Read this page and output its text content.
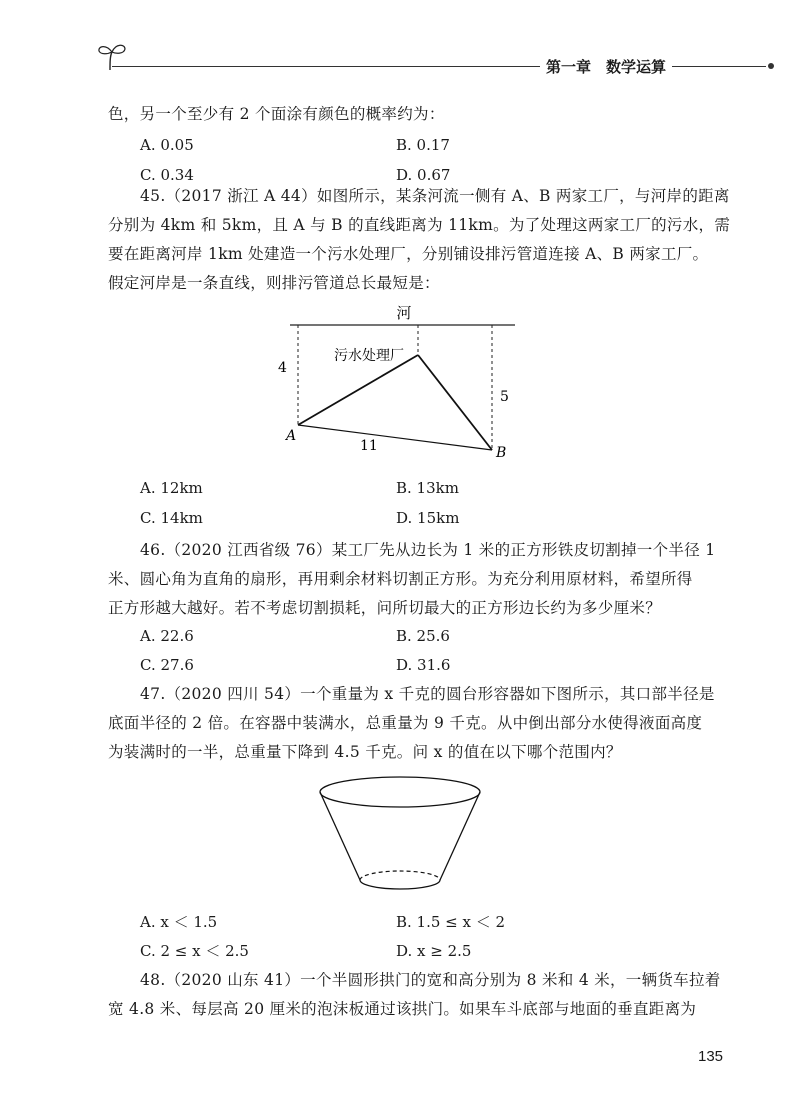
第一章　数学运算
色，另一个至少有 2 个面涂有颜色的概率约为：
A. 0.05	B. 0.17
C. 0.34	D. 0.67
45.（2017 浙江 A 44）如图所示，某条河流一侧有 A、B 两家工厂，与河岸的距离
分别为 4km 和 5km，且 A 与 B 的直线距离为 11km。为了处理这两家工厂的污水，需
要在距离河岸 1km 处建造一个污水处理厂，分别铺设排污管道连接 A、B 两家工厂。
假定河岸是一条直线，则排污管道总长最短是：
河
污水处理厂
4
5
11
A
B
A. 12km	B. 13km
C. 14km	D. 15km
46.（2020 江西省级 76）某工厂先从边长为 1 米的正方形铁皮切割掉一个半径 1
米、圆心角为直角的扇形，再用剩余材料切割正方形。为充分利用原材料，希望所得
正方形越大越好。若不考虑切割损耗，问所切最大的正方形边长约为多少厘米？
A. 22.6	B. 25.6
C. 27.6	D. 31.6
47.（2020 四川 54）一个重量为 x 千克的圆台形容器如下图所示，其口部半径是
底面半径的 2 倍。在容器中装满水，总重量为 9 千克。从中倒出部分水使得液面高度
为装满时的一半，总重量下降到 4.5 千克。问 x 的值在以下哪个范围内？
A. x ＜ 1.5	B. 1.5 ≤ x ＜ 2
C. 2 ≤ x ＜ 2.5	D. x ≥ 2.5
48.（2020 山东 41）一个半圆形拱门的宽和高分别为 8 米和 4 米，一辆货车拉着
宽 4.8 米、每层高 20 厘米的泡沫板通过该拱门。如果车斗底部与地面的垂直距离为
135
